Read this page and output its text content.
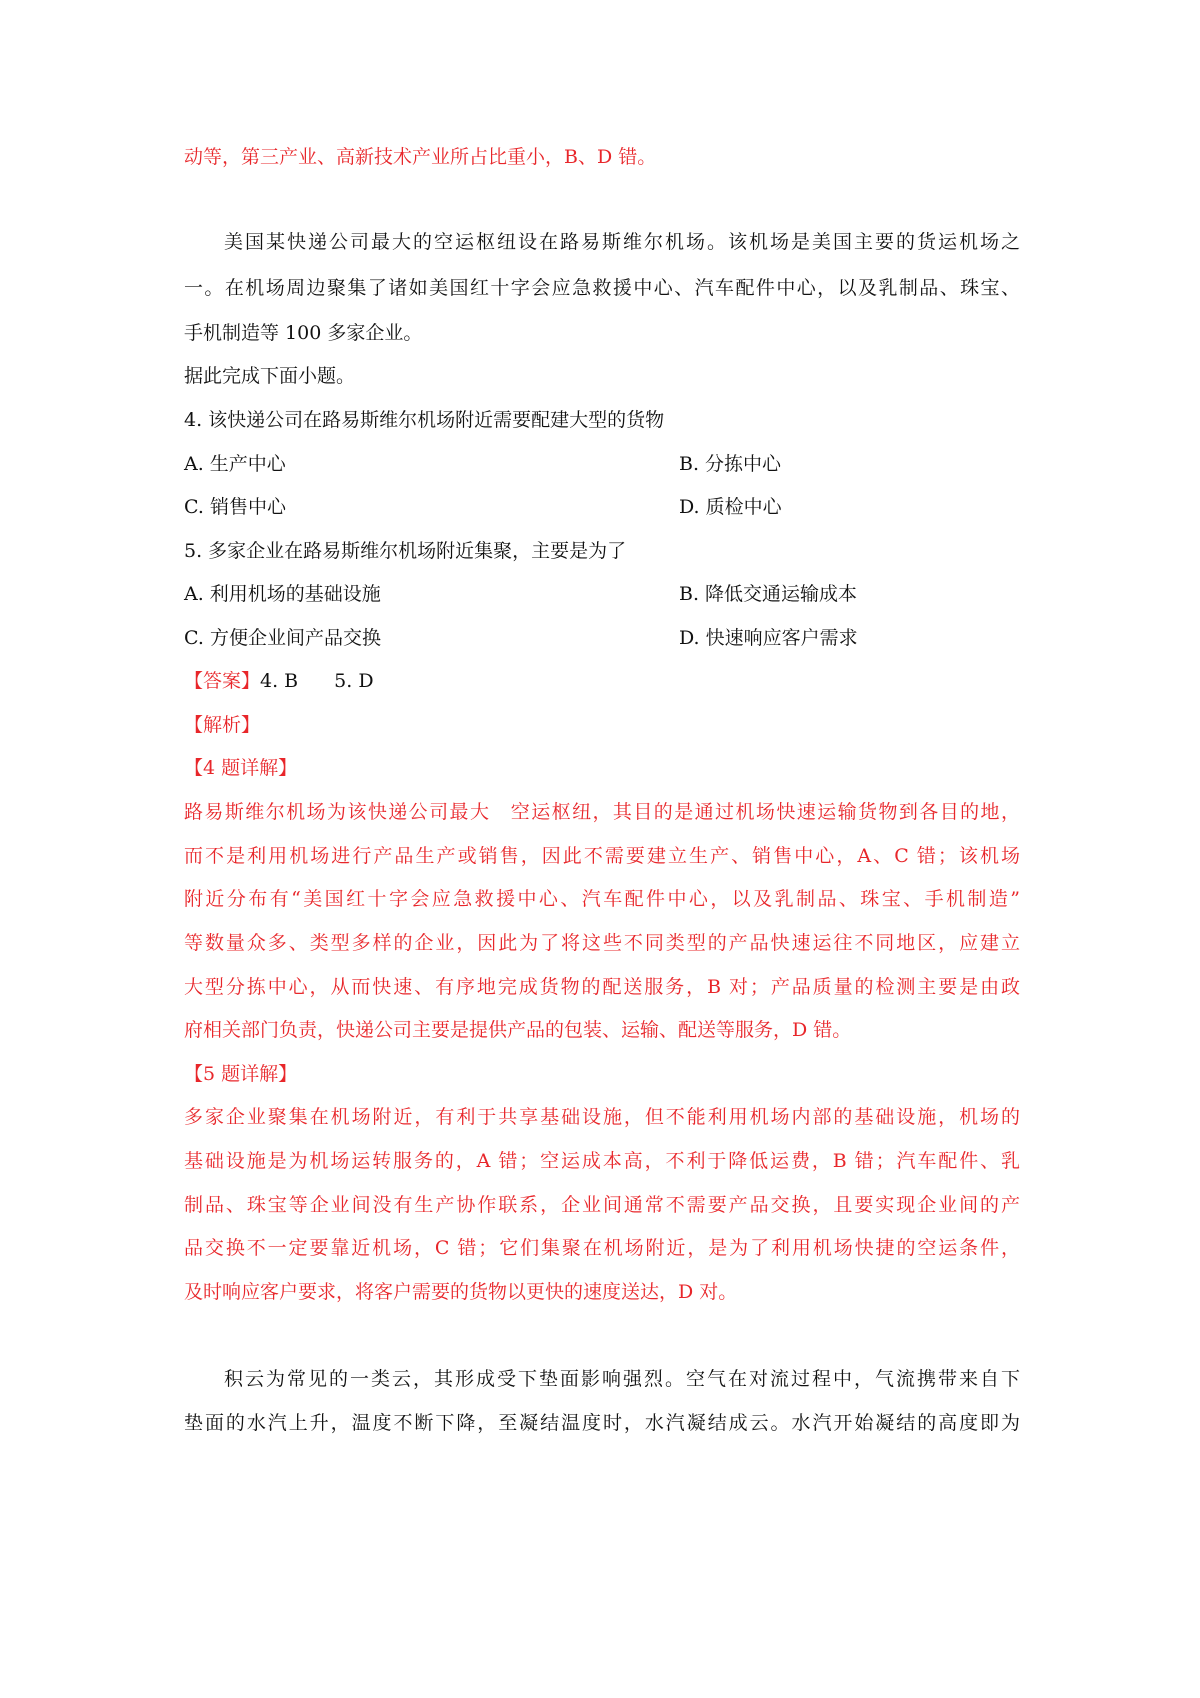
动等，第三产业、高新技术产业所占比重小，B、D 错。
美国某快递公司最大的空运枢纽设在路易斯维尔机场。该机场是美国主要的货运机场之
一。在机场周边聚集了诸如美国红十字会应急救援中心、汽车配件中心，以及乳制品、珠宝、
手机制造等 100 多家企业。
据此完成下面小题。
4. 该快递公司在路易斯维尔机场附近需要配建大型的货物
A. 生产中心	B. 分拣中心
C. 销售中心	D. 质检中心
5. 多家企业在路易斯维尔机场附近集聚，主要是为了
A. 利用机场的基础设施	B. 降低交通运输成本
C. 方便企业间产品交换	D. 快速响应客户需求
【答案】4. B 5. D
【解析】
【4 题详解】
路易斯维尔机场为该快递公司最大　空运枢纽，其目的是通过机场快速运输货物到各目的地，
而不是利用机场进行产品生产或销售，因此不需要建立生产、销售中心，A、C 错；该机场
附近分布有“美国红十字会应急救援中心、汽车配件中心，以及乳制品、珠宝、手机制造”
等数量众多、类型多样的企业，因此为了将这些不同类型的产品快速运往不同地区，应建立
大型分拣中心，从而快速、有序地完成货物的配送服务，B 对；产品质量的检测主要是由政
府相关部门负责，快递公司主要是提供产品的包装、运输、配送等服务，D 错。
【5 题详解】
多家企业聚集在机场附近，有利于共享基础设施，但不能利用机场内部的基础设施，机场的
基础设施是为机场运转服务的，A 错；空运成本高，不利于降低运费，B 错；汽车配件、乳
制品、珠宝等企业间没有生产协作联系，企业间通常不需要产品交换，且要实现企业间的产
品交换不一定要靠近机场，C 错；它们集聚在机场附近，是为了利用机场快捷的空运条件，
及时响应客户要求，将客户需要的货物以更快的速度送达，D 对。
积云为常见的一类云，其形成受下垫面影响强烈。空气在对流过程中，气流携带来自下
垫面的水汽上升，温度不断下降，至凝结温度时，水汽凝结成云。水汽开始凝结的高度即为
